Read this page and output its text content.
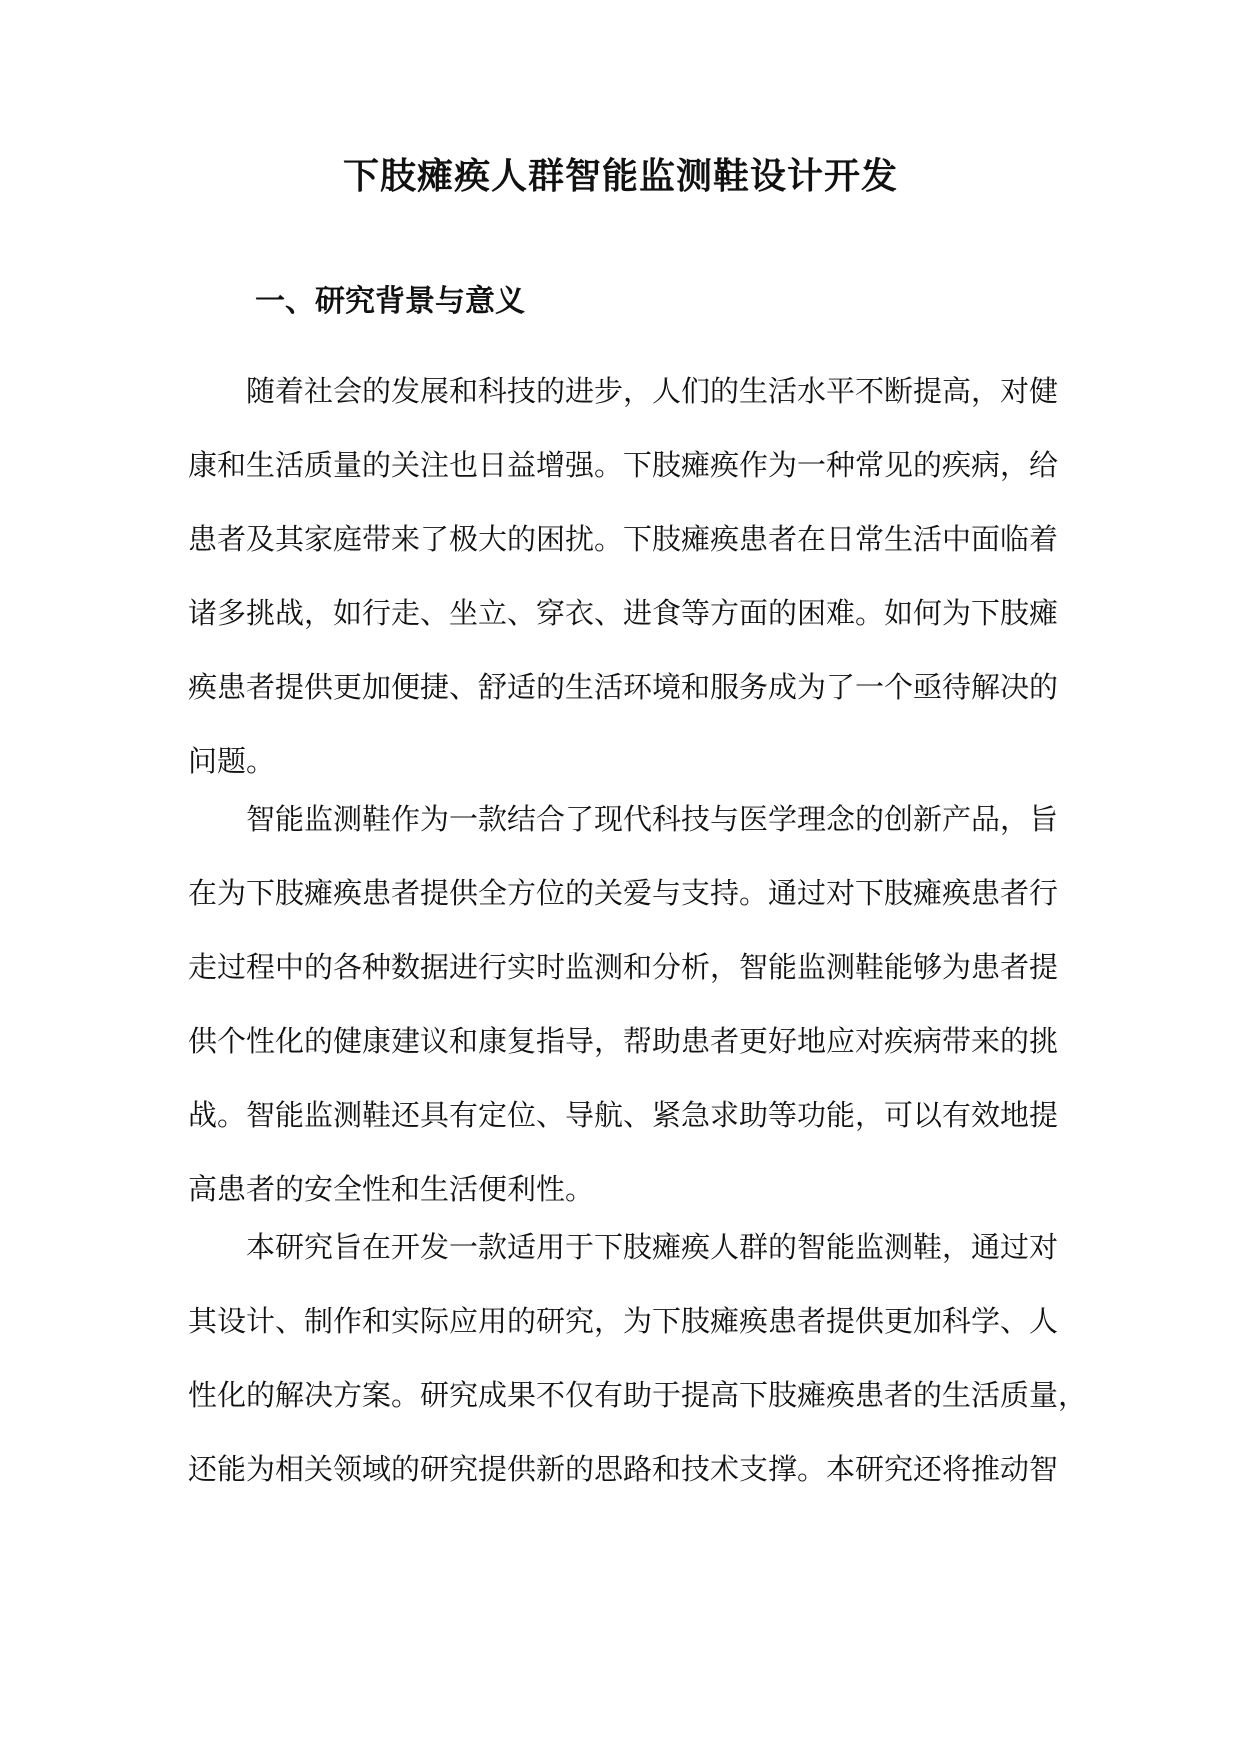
下肢瘫痪人群智能监测鞋设计开发
一、研究背景与意义
　　随着社会的发展和科技的进步，人们的生活水平不断提高，对健
康和生活质量的关注也日益增强。下肢瘫痪作为一种常见的疾病，给
患者及其家庭带来了极大的困扰。下肢瘫痪患者在日常生活中面临着
诸多挑战，如行走、坐立、穿衣、进食等方面的困难。如何为下肢瘫
痪患者提供更加便捷、舒适的生活环境和服务成为了一个亟待解决的
问题。
　　智能监测鞋作为一款结合了现代科技与医学理念的创新产品，旨
在为下肢瘫痪患者提供全方位的关爱与支持。通过对下肢瘫痪患者行
走过程中的各种数据进行实时监测和分析，智能监测鞋能够为患者提
供个性化的健康建议和康复指导，帮助患者更好地应对疾病带来的挑
战。智能监测鞋还具有定位、导航、紧急求助等功能，可以有效地提
高患者的安全性和生活便利性。
　　本研究旨在开发一款适用于下肢瘫痪人群的智能监测鞋，通过对
其设计、制作和实际应用的研究，为下肢瘫痪患者提供更加科学、人
性化的解决方案。研究成果不仅有助于提高下肢瘫痪患者的生活质量，
还能为相关领域的研究提供新的思路和技术支撑。本研究还将推动智
